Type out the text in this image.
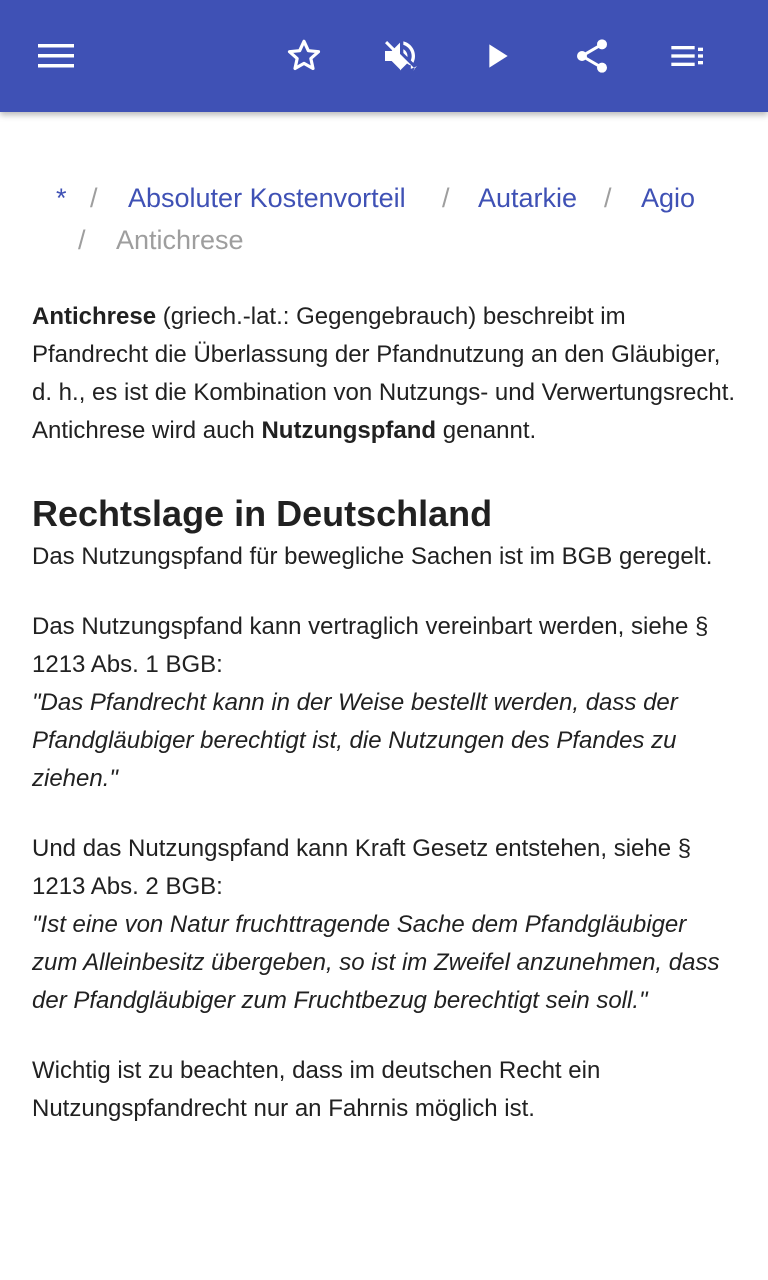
* / Absoluter Kostenvorteil / Autarkie / Agio
/ Antichrese

Antichrese (griech.-lat.: Gegengebrauch) beschreibt im Pfandrecht die Überlassung der Pfandnutzung an den Gläubiger, d. h., es ist die Kombination von Nutzungs- und Verwertungsrecht. Antichrese wird auch Nutzungspfand genannt.

Rechtslage in Deutschland

Das Nutzungspfand für bewegliche Sachen ist im BGB geregelt.

Das Nutzungspfand kann vertraglich vereinbart werden, siehe § 1213 Abs. 1 BGB:

"Das Pfandrecht kann in der Weise bestellt werden, dass der Pfandgläubiger berechtigt ist, die Nutzungen des Pfandes zu ziehen."

Und das Nutzungspfand kann Kraft Gesetz entstehen, siehe § 1213 Abs. 2 BGB:

"Ist eine von Natur fruchttragende Sache dem Pfandgläubiger zum Alleinbesitz übergeben, so ist im Zweifel anzunehmen, dass der Pfandgläubiger zum Fruchtbezug berechtigt sein soll."

Wichtig ist zu beachten, dass im deutschen Recht ein Nutzungspfandrecht nur an Fahrnis möglich ist.
